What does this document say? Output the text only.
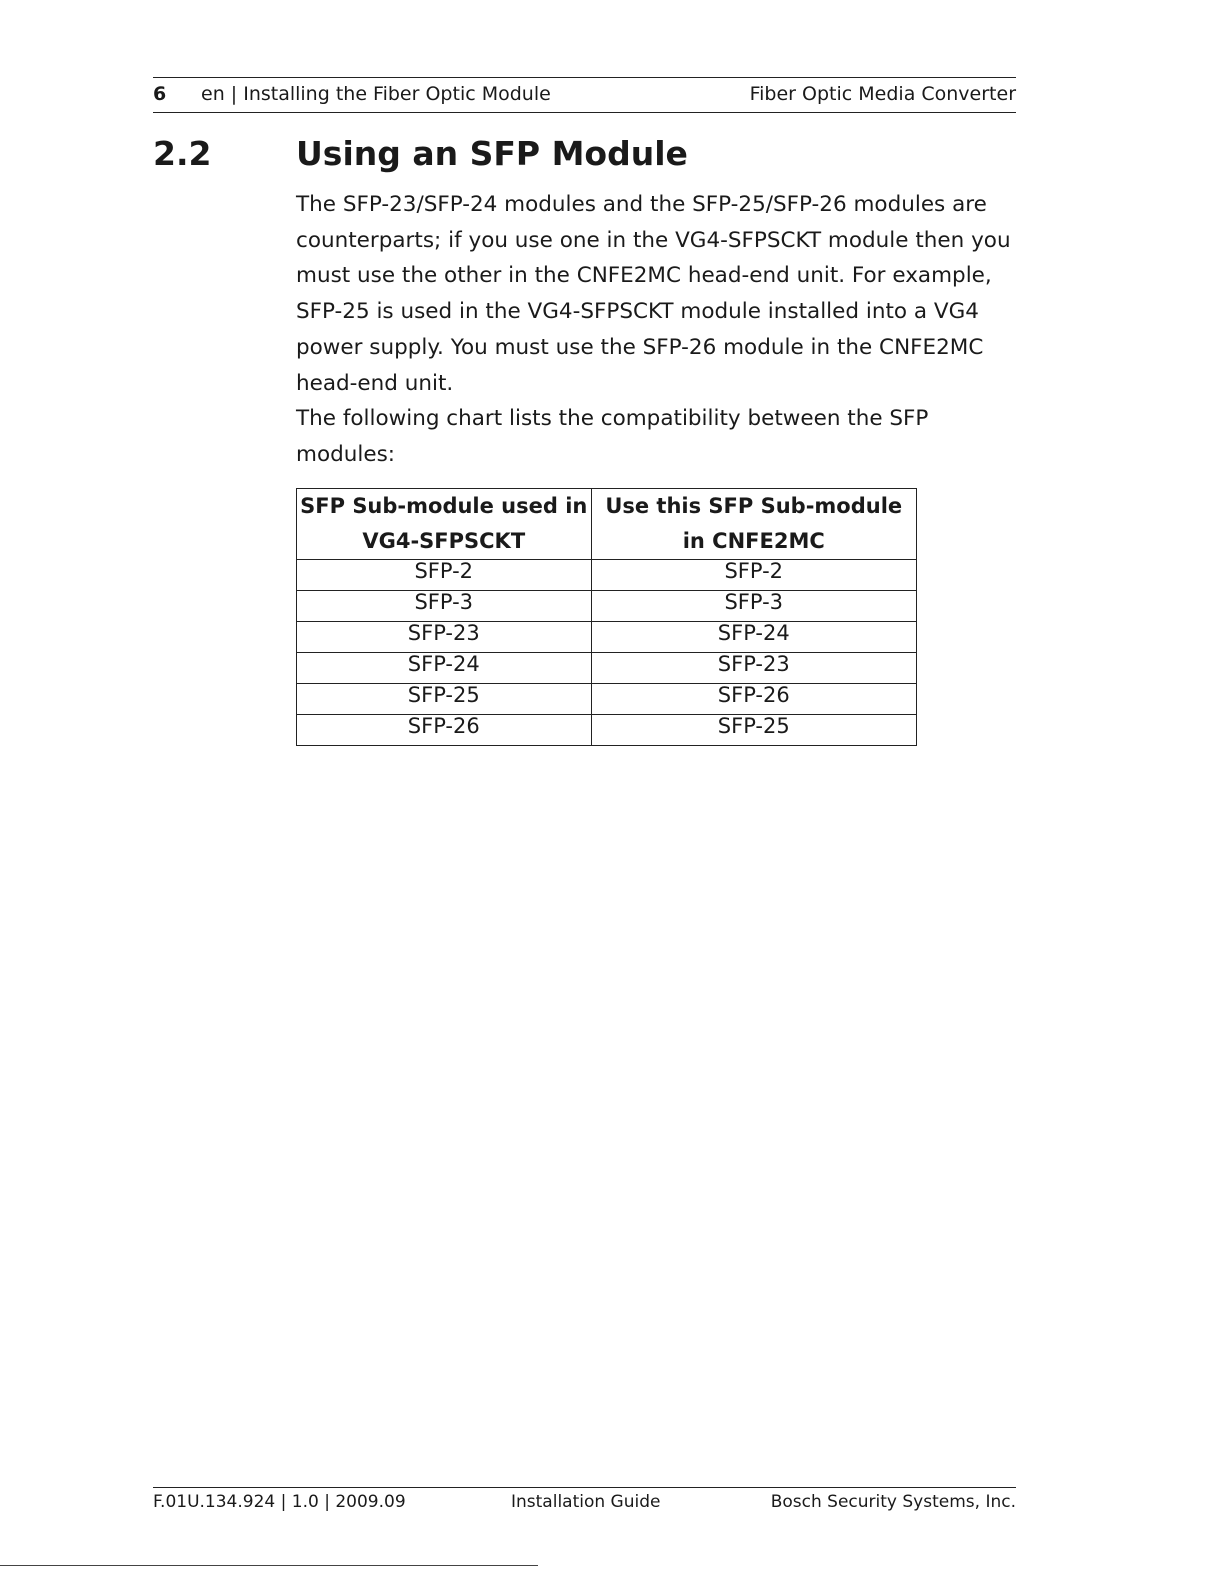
6 en | Installing the Fiber Optic Module	Fiber Optic Media Converter
2.2	Using an SFP Module

The SFP-23/SFP-24 modules and the SFP-25/SFP-26 modules are counterparts; if you use one in the VG4-SFPSCKT module then you must use the other in the CNFE2MC head-end unit. For example, SFP-25 is used in the VG4-SFPSCKT module installed into a VG4 power supply. You must use the SFP-26 module in the CNFE2MC head-end unit.

The following chart lists the compatibility between the SFP modules:

SFP Sub-module used in VG4-SFPSCKT	Use this SFP Sub-module in CNFE2MC
SFP-2	SFP-2
SFP-3	SFP-3
SFP-23	SFP-24
SFP-24	SFP-23
SFP-25	SFP-26
SFP-26	SFP-25
F.01U.134.924 | 1.0 | 2009.09	Installation Guide	Bosch Security Systems, Inc.
